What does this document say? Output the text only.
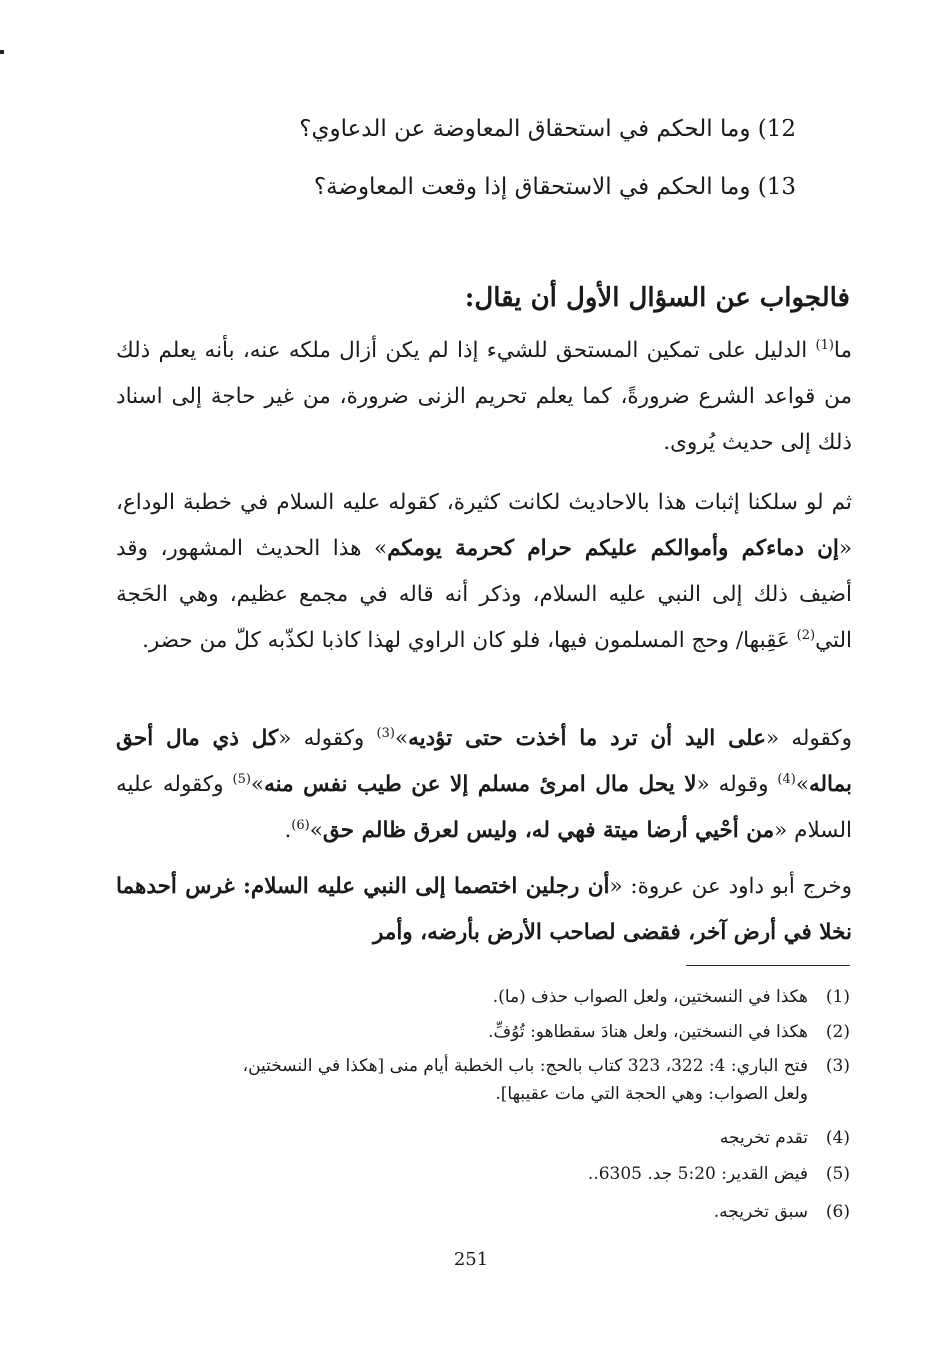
12) وما الحكم في استحقاق المعاوضة عن الدعاوي؟
13) وما الحكم في الاستحقاق إذا وقعت المعاوضة؟
فالجواب عن السؤال الأول أن يقال:
ما$^{(1)}$ الدليل على تمكين المستحق للشيء إذا لم يكن أزال ملكه عنه، بأنه يعلم ذلك من قواعد الشرع ضرورةً، كما يعلم تحريم الزنى ضرورة، من غير حاجة إلى اسناد ذلك إلى حديث يُروى.
ثم لو سلكنا إثبات هذا بالاحاديث لكانت كثيرة، كقوله عليه السلام في خطبة الوداع، «إن دماءكم وأموالكم عليكم حرام كحرمة يومكم» هذا الحديث المشهور، وقد أضيف ذلك إلى النبي عليه السلام، وذكر أنه قاله في مجمع عظيم، وهي الحَجة التي$^{(2)}$ عَقِبها/ وحج المسلمون فيها، فلو كان الراوي لهذا كاذبا لكذّبه كلّ من حضر.
وكقوله «على اليد أن ترد ما أخذت حتى تؤديه»$^{(3)}$ وكقوله «كل ذي مال أحق بماله»$^{(4)}$ وقوله «لا يحل مال امرئ مسلم إلا عن طيب نفس منه»$^{(5)}$ وكقوله عليه السلام «من أحْيي أرضا ميتة فهي له، وليس لعرق ظالم حق»$^{(6)}$.
وخرج أبو داود عن عروة: «أن رجلين اختصما إلى النبي عليه السلام: غرس أحدهما نخلا في أرض آخر، فقضى لصاحب الأرض بأرضه، وأمر
(1)هكذا في النسختين، ولعل الصواب حذف (ما).
(2)هكذا في النسختين، ولعل هنادَ سقطاهو: تُوُفِّ.
(3)فتح الباري: 4: 322، 323 كتاب بالحج: باب الخطبة أيام منى [هكذا في النسختين،
ولعل الصواب: وهي الحجة التي مات عقيبها].
(4)تقدم تخريجه
(5)فيض القدير: 5:20 جد. 6305..
(6)سبق تخريجه.
251
